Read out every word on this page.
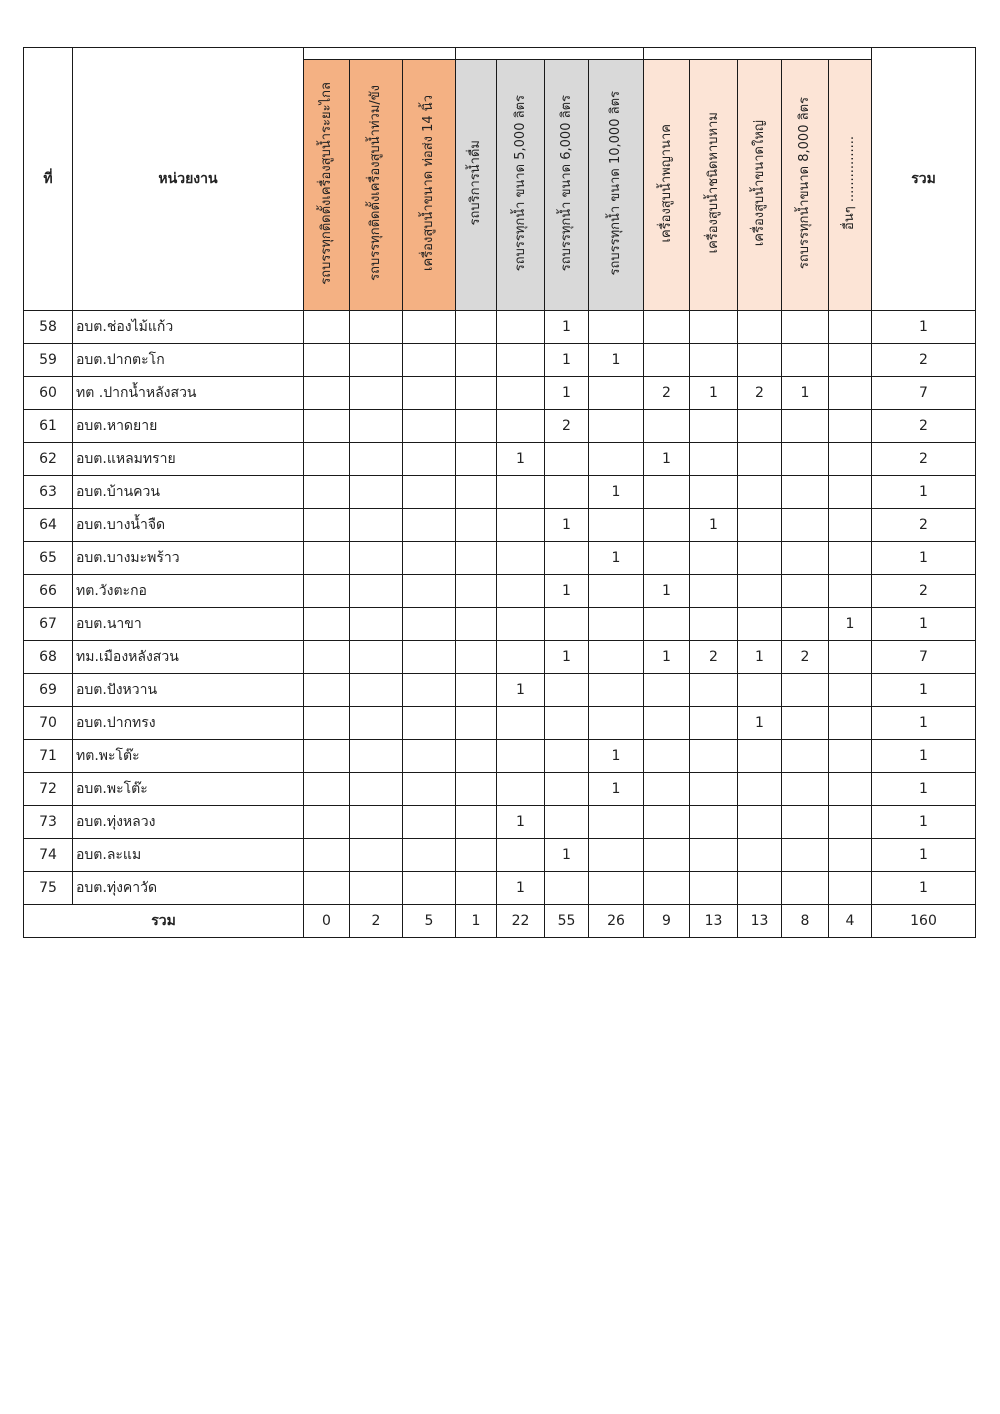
ที่	หน่วยงาน													รวม
		รถบรรทุกติดตั้งเครื่องสูบน้ำระยะไกล	รถบรรทุกติดตั้งเครื่องสูบน้ำท่วม/ขัง	เครื่องสูบน้ำขนาด ท่อส่ง 14 นิ้ว	รถบริการน้ำดื่ม	รถบรรทุกน้ำ ขนาด 5,000 ลิตร	รถบรรทุกน้ำ ขนาด 6,000 ลิตร	รถบรรทุกน้ำ ขนาด 10,000 ลิตร	เครื่องสูบน้ำพญานาค	เครื่องสูบน้ำชนิดหาบหาม	เครื่องสูบน้ำขนาดใหญ่	รถบรรทุกน้ำขนาด 8,000 ลิตร	อื่นๆ ................	
58	อบต.ช่องไม้แก้ว						1							1
59	อบต.ปากตะโก						1	1						2
60	ทต .ปากน้ำหลังสวน						1		2	1	2	1		7
61	อบต.หาดยาย						2							2
62	อบต.แหลมทราย					1			1					2
63	อบต.บ้านควน							1						1
64	อบต.บางน้ำจืด						1			1				2
65	อบต.บางมะพร้าว							1						1
66	ทต.วังตะกอ						1		1					2
67	อบต.นาขา												1	1
68	ทม.เมืองหลังสวน						1		1	2	1	2		7
69	อบต.ปังหวาน					1								1
70	อบต.ปากทรง										1			1
71	ทต.พะโต๊ะ							1						1
72	อบต.พะโต๊ะ							1						1
73	อบต.ทุ่งหลวง					1								1
74	อบต.ละแม						1							1
75	อบต.ทุ่งคาวัด					1								1
รวม		0	2	5	1	22	55	26	9	13	13	8	4	160
